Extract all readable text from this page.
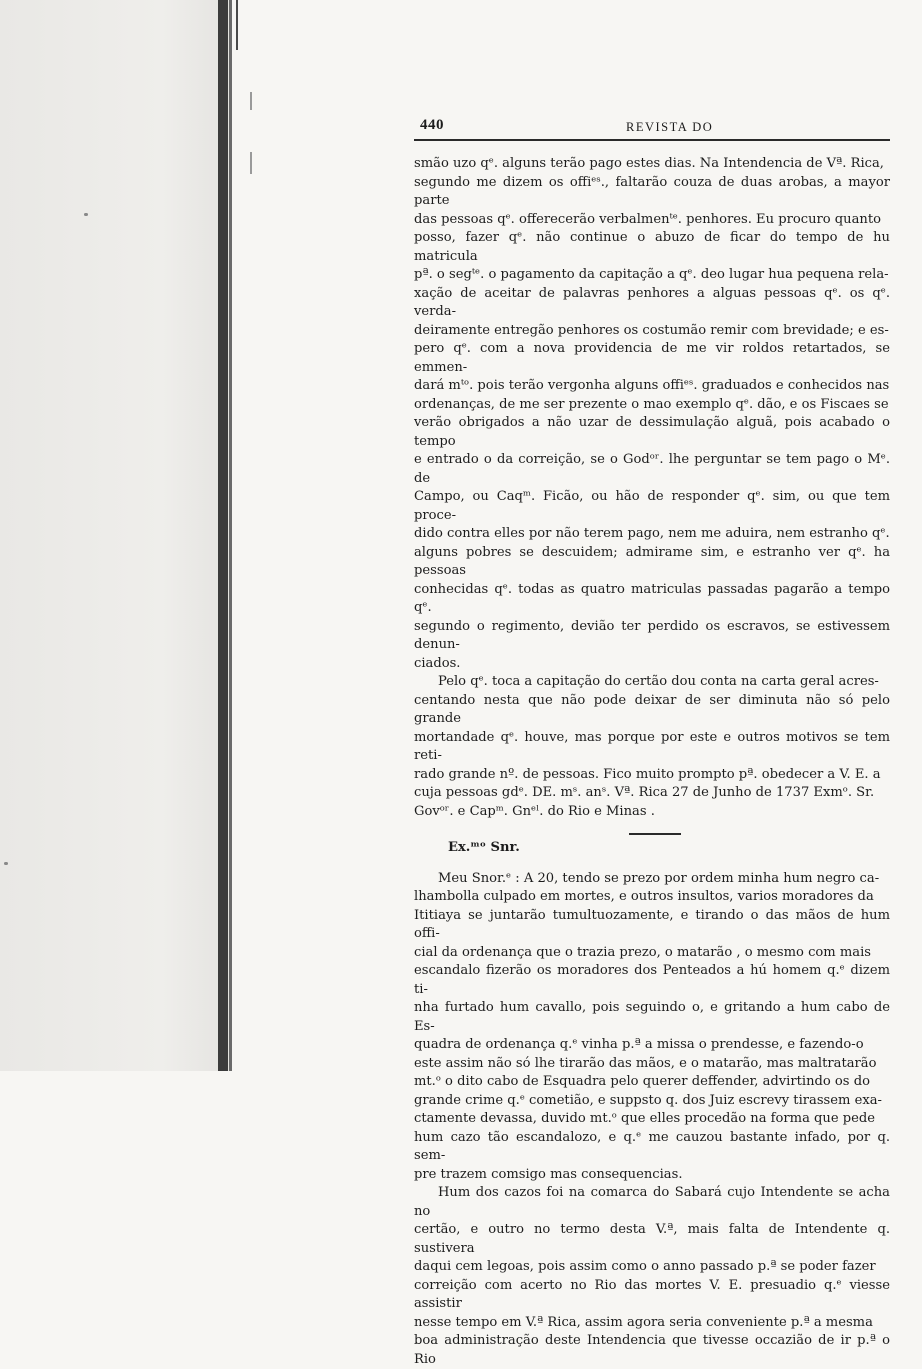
440	REVISTA DO

smão uzo qᵉ. alguns terão pago estes dias. Na Intendencia de Vª. Rica,
segundo me dizem os offiᵉˢ., faltarão couza de duas arobas, a mayor parte
das pessoas qᵉ. offerecerão verbalmenᵗᵉ. penhores. Eu procuro quanto
posso, fazer qᵉ. não continue o abuzo de ficar do tempo de hu matricula
pª. o segᵗᵉ. o pagamento da capitação a qᵉ. deo lugar hua pequena rela-
xação de aceitar de palavras penhores a alguas pessoas qᵉ. os qᵉ. verda-
deiramente entregão penhores os costumão remir com brevidade; e es-
pero qᵉ. com a nova providencia de me vir roldos retartados, se emmen-
dará mᵗᵒ. pois terão vergonha alguns offiᵉˢ. graduados e conhecidos nas
ordenanças, de me ser prezente o mao exemplo qᵉ. dão, e os Fiscaes se
verão obrigados a não uzar de dessimulação alguã, pois acabado o tempo
e entrado o da correição, se o Godᵒʳ. lhe perguntar se tem pago o Mᵉ. de
Campo, ou Caqᵐ. Ficão, ou hão de responder qᵉ. sim, ou que tem proce-
dido contra elles por não terem pago, nem me aduira, nem estranho qᵉ.
alguns pobres se descuidem; admirame sim, e estranho ver qᵉ. ha pessoas
conhecidas qᵉ. todas as quatro matriculas passadas pagarão a tempo qᵉ.
segundo o regimento, devião ter perdido os escravos, se estivessem denun-
ciados.

Pelo qᵉ. toca a capitação do certão dou conta na carta geral acres-
centando nesta que não pode deixar de ser diminuta não só pelo grande
mortandade qᵉ. houve, mas porque por este e outros motivos se tem reti-
rado grande nº. de pessoas. Fico muito prompto pª. obedecer a V. E. a
cuja pessoas gdᵉ. DE. mˢ. anˢ. Vª. Rica 27 de Junho de 1737 Exmᵒ. Sr.
Govᵒʳ. e Capᵐ. Gnᵉˡ. do Rio e Minas .

Ex.ᵐᵒ Snr.

Meu Snor.ᵉ : A 20, tendo se prezo por ordem minha hum negro ca-
lhambolla culpado em mortes, e outros insultos, varios moradores da
Ititiaya se juntarão tumultuozamente, e tirando o das mãos de hum offi-
cial da ordenança que o trazia prezo, o matarão , o mesmo com mais
escandalo fizerão os moradores dos Penteados a hú homem q.ᵉ dizem ti-
nha furtado hum cavallo, pois seguindo o, e gritando a hum cabo de Es-
quadra de ordenança q.ᵉ vinha p.ª a missa o prendesse, e fazendo-o
este assim não só lhe tirarão das mãos, e o matarão, mas maltratarão
mt.ᵒ o dito cabo de Esquadra pelo querer deffender, advirtindo os do
grande crime q.ᵉ cometião, e suppsto q. dos Juiz escrevy tirassem exa-
ctamente devassa, duvido mt.ᵒ que elles procedão na forma que pede
hum cazo tão escandalozo, e q.ᵉ me cauzou bastante infado, por q. sem-
pre trazem comsigo mas consequencias.

Hum dos cazos foi na comarca do Sabará cujo Intendente se acha no
certão, e outro no termo desta V.ª, mais falta de Intendente q. sustivera
daqui cem legoas, pois assim como o anno passado p.ª se poder fazer
correição com acerto no Rio das mortes V. E. presuadio q.ᵉ viesse assistir
nesse tempo em V.ª Rica, assim agora seria conveniente p.ª a mesma
boa administração deste Intendencia que tivesse occazião de ir p.ª o Rio
